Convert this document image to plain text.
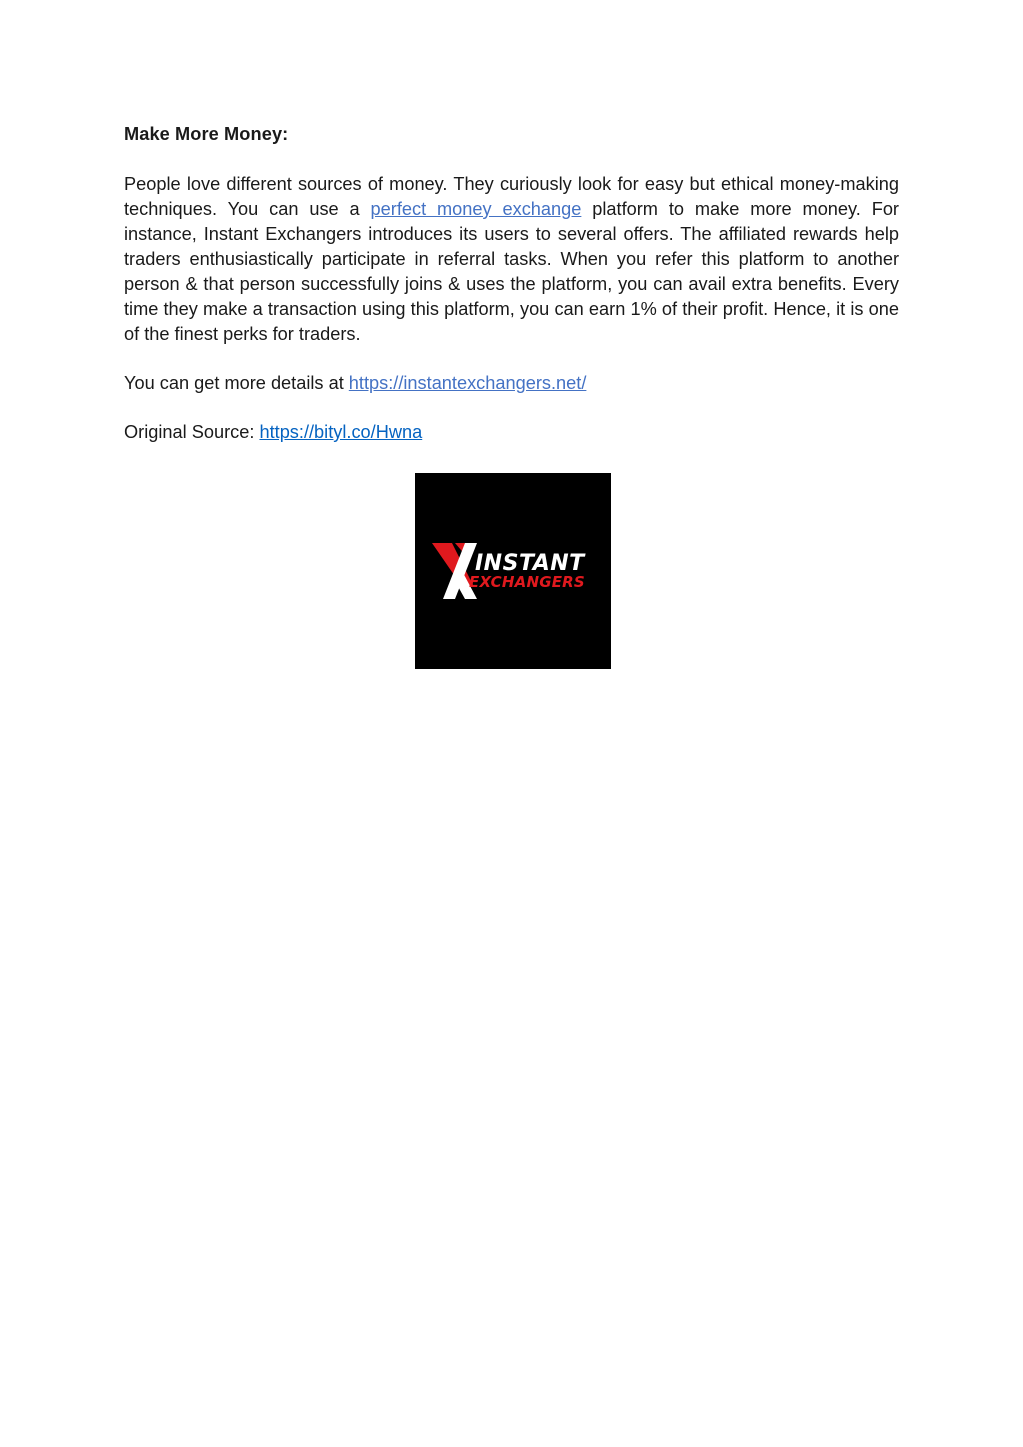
Make More Money:

People love different sources of money. They curiously look for easy but ethical money-making techniques. You can use a perfect money exchange platform to make more money. For instance, Instant Exchangers introduces its users to several offers. The affiliated rewards help traders enthusiastically participate in referral tasks. When you refer this platform to another person & that person successfully joins & uses the platform, you can avail extra benefits. Every time they make a transaction using this platform, you can earn 1% of their profit. Hence, it is one of the finest perks for traders.

You can get more details at https://instantexchangers.net/

Original Source: https://bityl.co/Hwna

INSTANT
EXCHANGERS
